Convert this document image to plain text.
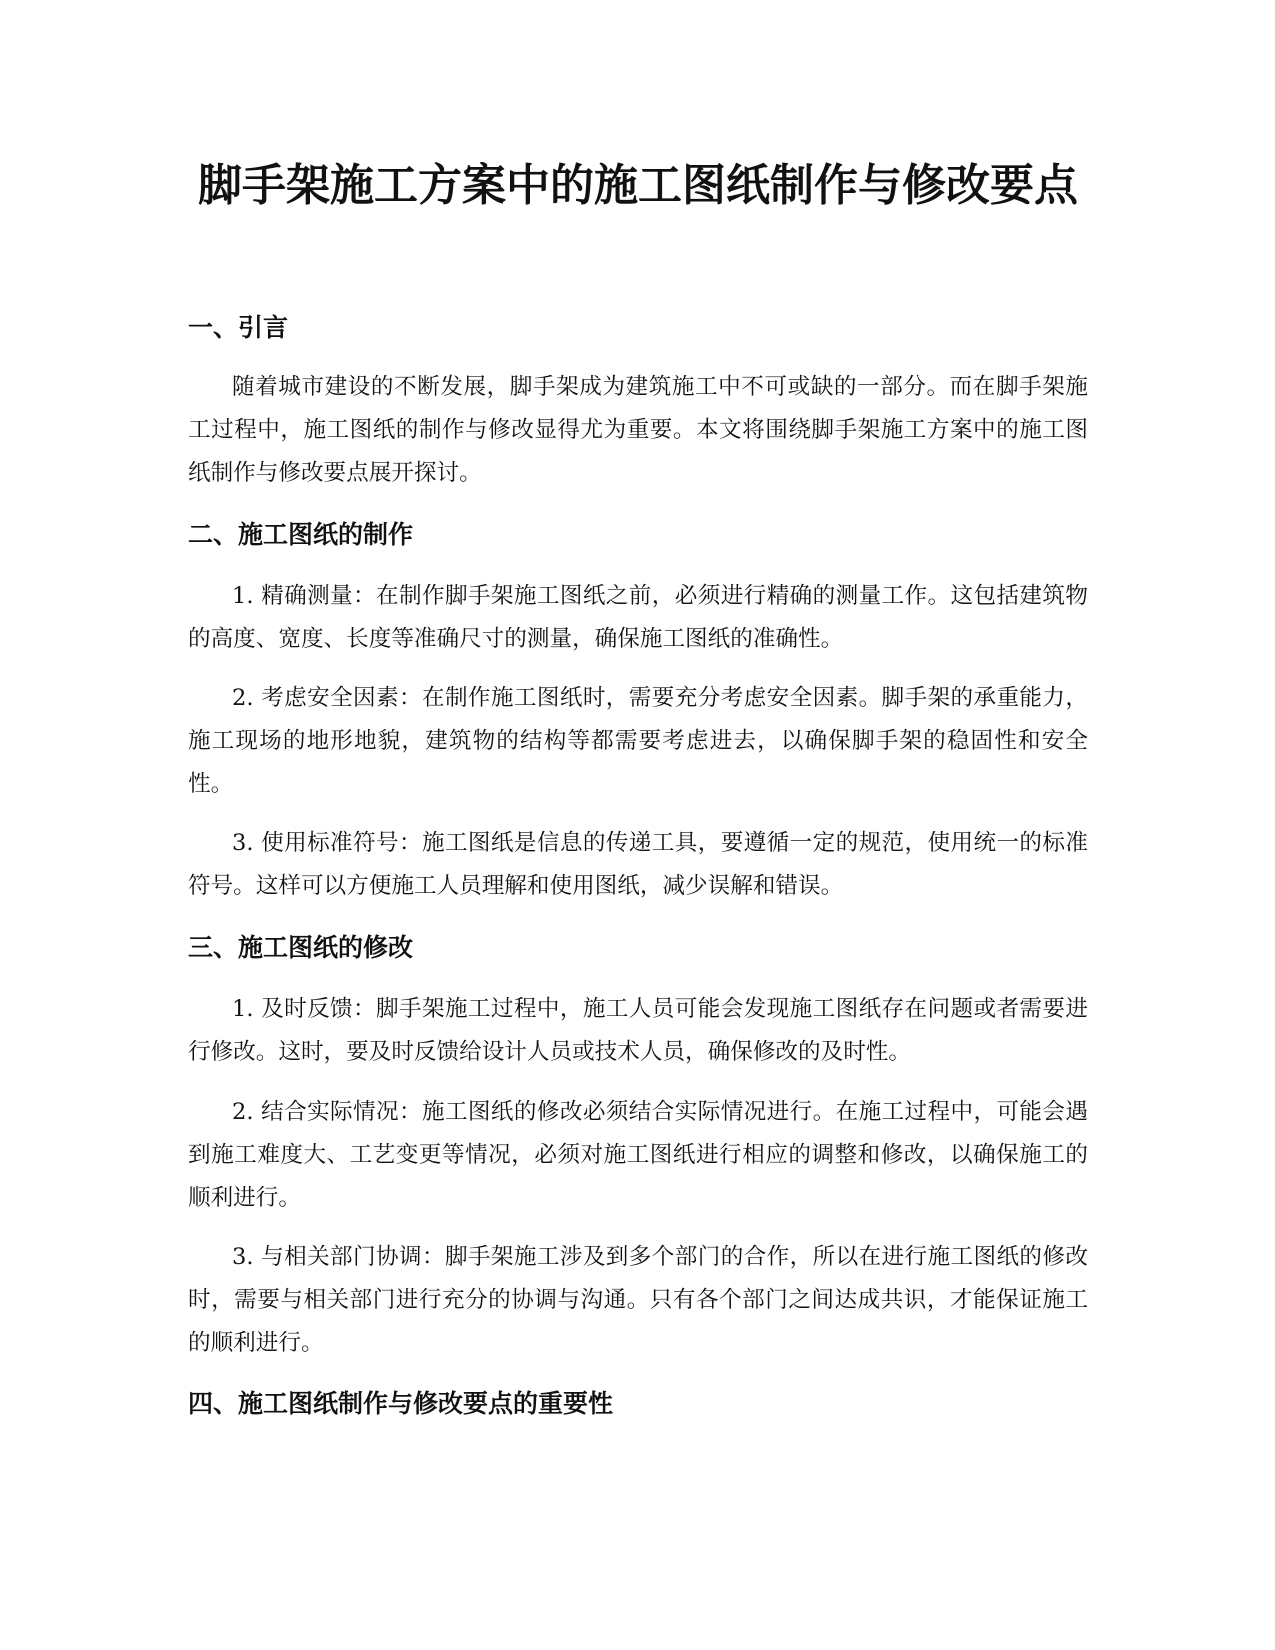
脚手架施工方案中的施工图纸制作与修改要点
一、引言

随着城市建设的不断发展，脚手架成为建筑施工中不可或缺的一部分。而在脚手架施工过程中，施工图纸的制作与修改显得尤为重要。本文将围绕脚手架施工方案中的施工图纸制作与修改要点展开探讨。

二、施工图纸的制作

1. 精确测量：在制作脚手架施工图纸之前，必须进行精确的测量工作。这包括建筑物的高度、宽度、长度等准确尺寸的测量，确保施工图纸的准确性。

2. 考虑安全因素：在制作施工图纸时，需要充分考虑安全因素。脚手架的承重能力，施工现场的地形地貌，建筑物的结构等都需要考虑进去，以确保脚手架的稳固性和安全性。

3. 使用标准符号：施工图纸是信息的传递工具，要遵循一定的规范，使用统一的标准符号。这样可以方便施工人员理解和使用图纸，减少误解和错误。

三、施工图纸的修改

1. 及时反馈：脚手架施工过程中，施工人员可能会发现施工图纸存在问题或者需要进行修改。这时，要及时反馈给设计人员或技术人员，确保修改的及时性。

2. 结合实际情况：施工图纸的修改必须结合实际情况进行。在施工过程中，可能会遇到施工难度大、工艺变更等情况，必须对施工图纸进行相应的调整和修改，以确保施工的顺利进行。

3. 与相关部门协调：脚手架施工涉及到多个部门的合作，所以在进行施工图纸的修改时，需要与相关部门进行充分的协调与沟通。只有各个部门之间达成共识，才能保证施工的顺利进行。

四、施工图纸制作与修改要点的重要性
